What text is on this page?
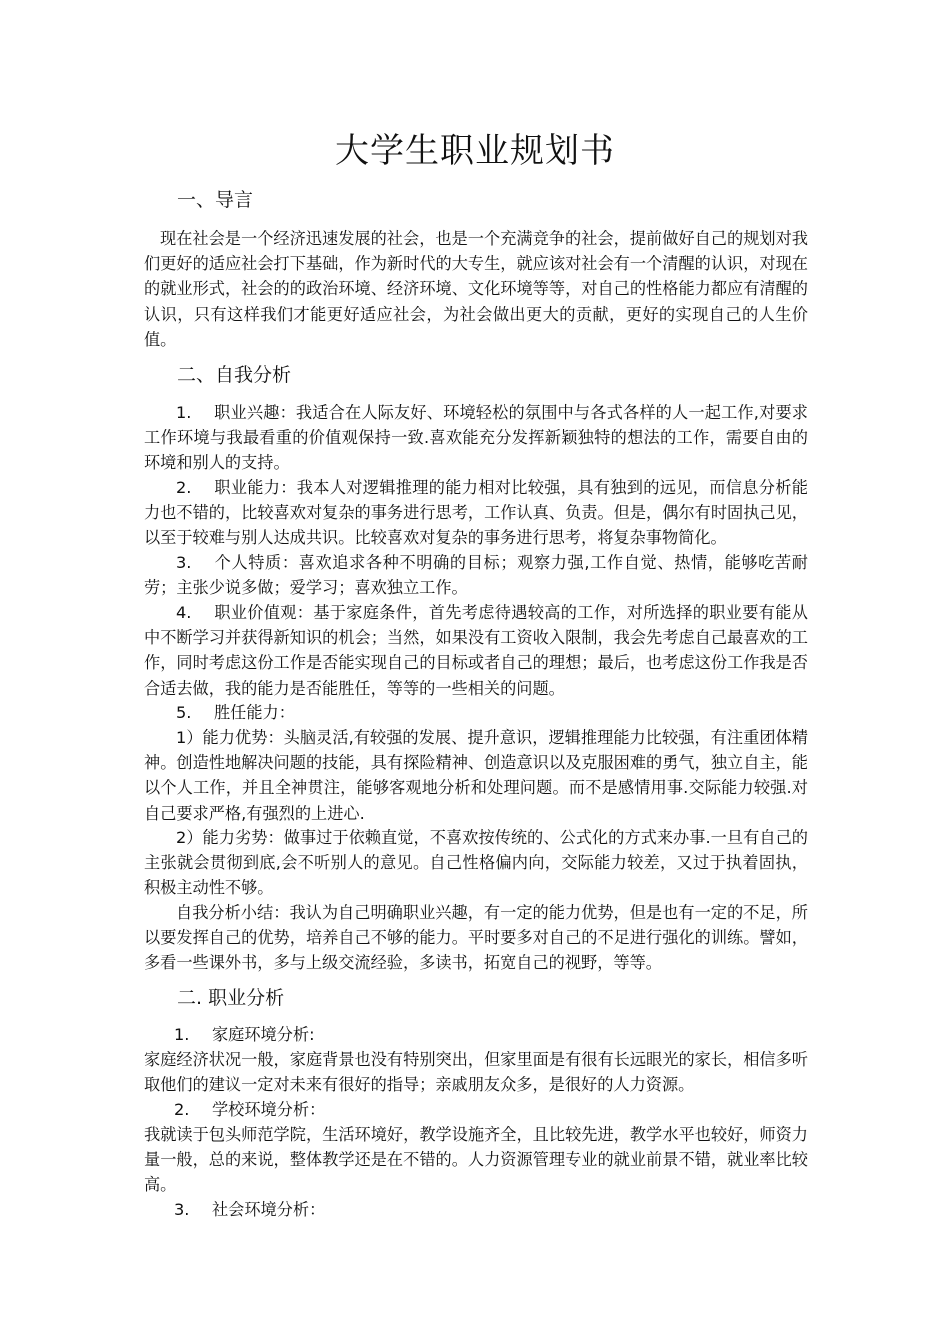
大学生职业规划书
一、导言

现在社会是一个经济迅速发展的社会，也是一个充满竞争的社会，提前做好自己的规划对我们更好的适应社会打下基础，作为新时代的大专生，就应该对社会有一个清醒的认识，对现在的就业形式，社会的的政治环境、经济环境、文化环境等等，对自己的性格能力都应有清醒的认识，只有这样我们才能更好适应社会，为社会做出更大的贡献，更好的实现自己的人生价值。

二、自我分析

1. 职业兴趣：我适合在人际友好、环境轻松的氛围中与各式各样的人一起工作,对要求工作环境与我最看重的价值观保持一致.喜欢能充分发挥新颖独特的想法的工作，需要自由的环境和别人的支持。

2. 职业能力：我本人对逻辑推理的能力相对比较强，具有独到的远见，而信息分析能力也不错的，比较喜欢对复杂的事务进行思考，工作认真、负责。但是，偶尔有时固执己见，以至于较难与别人达成共识。比较喜欢对复杂的事务进行思考，将复杂事物简化。

3. 个人特质：喜欢追求各种不明确的目标；观察力强,工作自觉、热情，能够吃苦耐劳；主张少说多做；爱学习；喜欢独立工作。

4. 职业价值观：基于家庭条件，首先考虑待遇较高的工作，对所选择的职业要有能从中不断学习并获得新知识的机会；当然，如果没有工资收入限制，我会先考虑自己最喜欢的工作，同时考虑这份工作是否能实现自己的目标或者自己的理想；最后，也考虑这份工作我是否合适去做，我的能力是否能胜任，等等的一些相关的问题。

5. 胜任能力：

1）能力优势：头脑灵活,有较强的发展、提升意识，逻辑推理能力比较强，有注重团体精神。创造性地解决问题的技能，具有探险精神、创造意识以及克服困难的勇气，独立自主，能以个人工作，并且全神贯注，能够客观地分析和处理问题。而不是感情用事.交际能力较强.对自己要求严格,有强烈的上进心.

2）能力劣势：做事过于依赖直觉，不喜欢按传统的、公式化的方式来办事.一旦有自己的主张就会贯彻到底,会不听别人的意见。自己性格偏内向，交际能力较差，又过于执着固执，积极主动性不够。

自我分析小结：我认为自己明确职业兴趣，有一定的能力优势，但是也有一定的不足，所以要发挥自己的优势，培养自己不够的能力。平时要多对自己的不足进行强化的训练。譬如，多看一些课外书，多与上级交流经验，多读书，拓宽自己的视野，等等。

二. 职业分析
1. 家庭环境分析:

家庭经济状况一般，家庭背景也没有特别突出，但家里面是有很有长远眼光的家长，相信多听取他们的建议一定对未来有很好的指导；亲戚朋友众多，是很好的人力资源。

2. 学校环境分析：

我就读于包头师范学院，生活环境好，教学设施齐全，且比较先进，教学水平也较好，师资力量一般，总的来说，整体教学还是在不错的。人力资源管理专业的就业前景不错，就业率比较高。

3. 社会环境分析：
